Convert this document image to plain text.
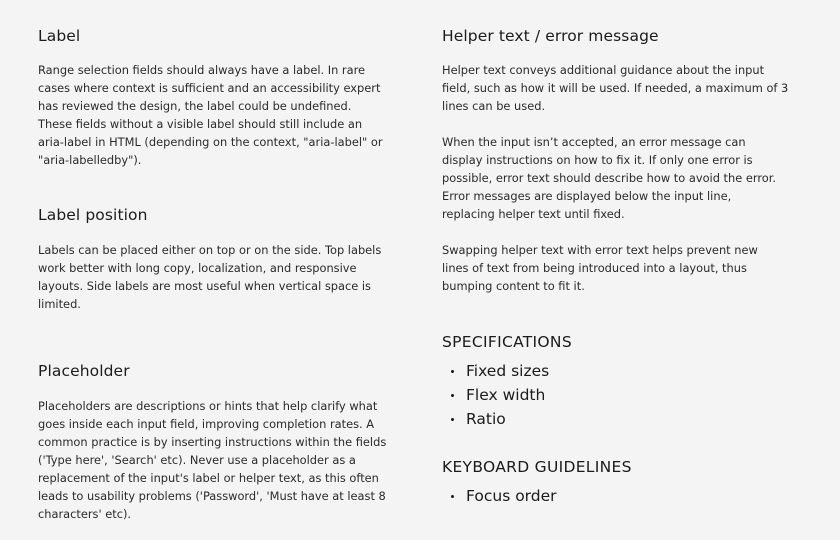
Label

Range selection fields should always have a label. In rare
cases where context is sufficient and an accessibility expert
has reviewed the design, the label could be undefined.
These fields without a visible label should still include an
aria-label in HTML (depending on the context, "aria-label" or
"aria-labelledby").

Label position

Labels can be placed either on top or on the side. Top labels
work better with long copy, localization, and responsive
layouts. Side labels are most useful when vertical space is
limited.

Placeholder

Placeholders are descriptions or hints that help clarify what
goes inside each input field, improving completion rates. A
common practice is by inserting instructions within the fields
('Type here', 'Search' etc). Never use a placeholder as a
replacement of the input's label or helper text, as this often
leads to usability problems ('Password', 'Must have at least 8
characters' etc).

Helper text / error message

Helper text conveys additional guidance about the input
field, such as how it will be used. If needed, a maximum of 3
lines can be used.

When the input isn’t accepted, an error message can
display instructions on how to fix it. If only one error is
possible, error text should describe how to avoid the error.
Error messages are displayed below the input line,
replacing helper text until fixed.

Swapping helper text with error text helps prevent new
lines of text from being introduced into a layout, thus
bumping content to fit it.

SPECIFICATIONS
Fixed sizes
Flex width
Ratio
KEYBOARD GUIDELINES
Focus order
